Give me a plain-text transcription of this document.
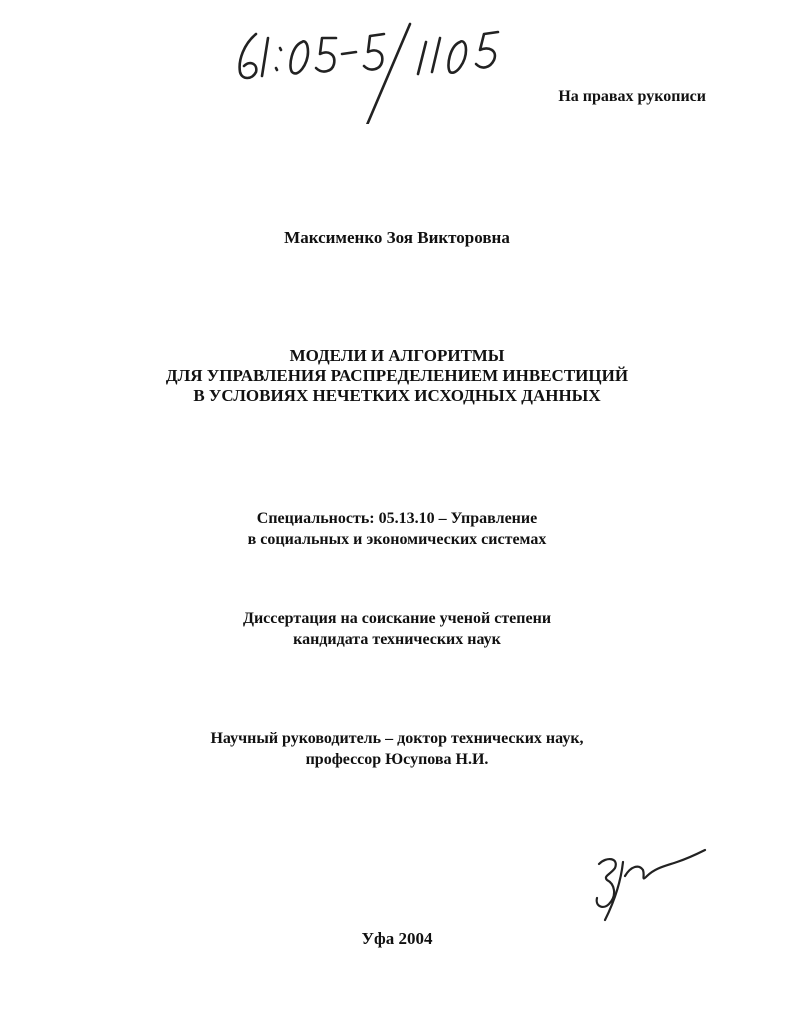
На правах рукописи
Максименко Зоя Викторовна
МОДЕЛИ И АЛГОРИТМЫ
ДЛЯ УПРАВЛЕНИЯ РАСПРЕДЕЛЕНИЕМ ИНВЕСТИЦИЙ
В УСЛОВИЯХ НЕЧЕТКИХ ИСХОДНЫХ ДАННЫХ
Специальность: 05.13.10 – Управление
в социальных и экономических системах
Диссертация на соискание ученой степени
кандидата технических наук
Научный руководитель – доктор технических наук,
профессор Юсупова Н.И.
Уфа 2004
